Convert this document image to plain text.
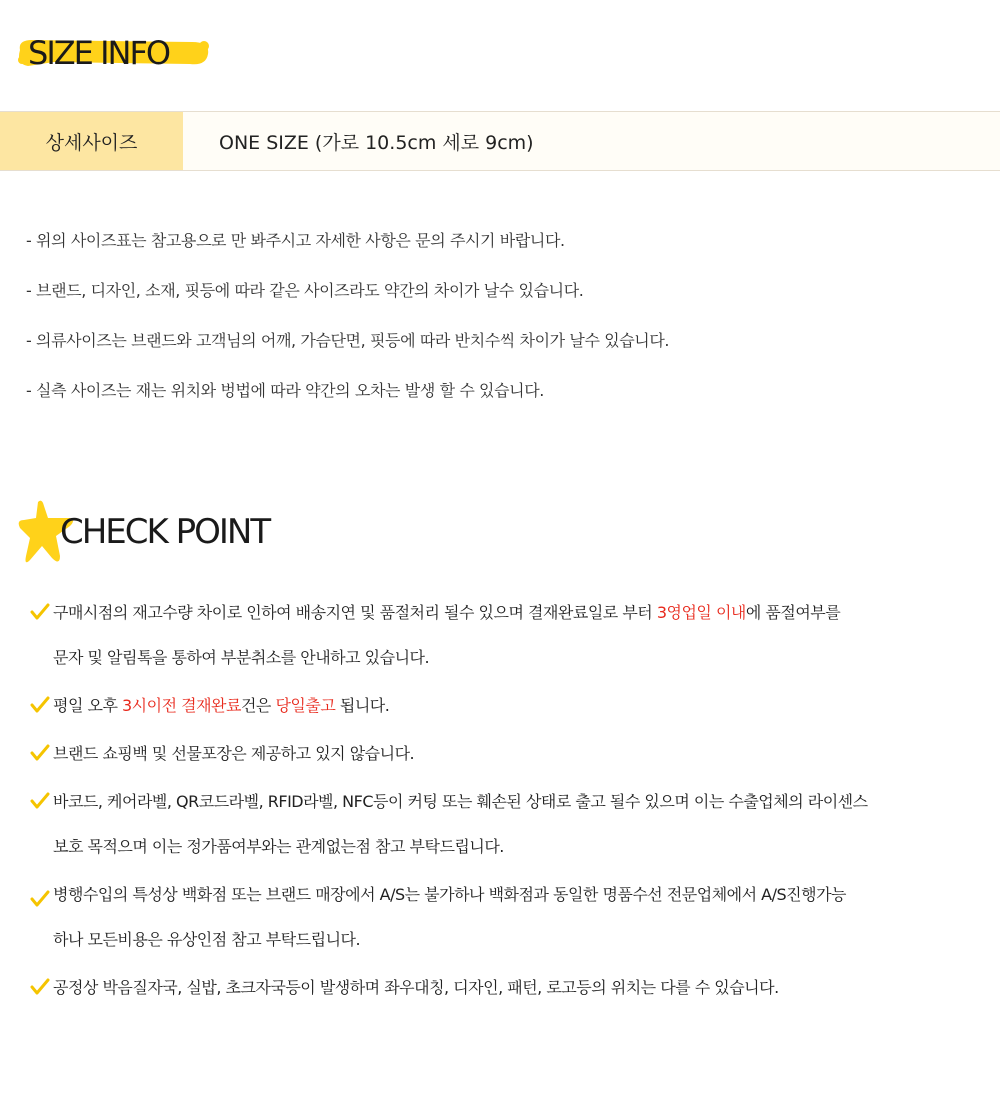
SIZE INFO
상세사이즈	ONE SIZE (가로 10.5cm 세로 9cm)
- 위의 사이즈표는 참고용으로 만 봐주시고 자세한 사항은 문의 주시기 바랍니다.
- 브랜드, 디자인, 소재, 핏등에 따라 같은 사이즈라도 약간의 차이가 날수 있습니다.
- 의류사이즈는 브랜드와 고객님의 어깨, 가슴단면, 핏등에 따라 반치수씩 차이가 날수 있습니다.
- 실측 사이즈는 재는 위치와 벙법에 따라 약간의 오차는 발생 할 수 있습니다.
CHECK POINT
구매시점의 재고수량 차이로 인하여 배송지연 및 품절처리 될수 있으며 결재완료일로 부터 3영업일 이내에 품절여부를
문자 및 알림톡을 통하여 부분취소를 안내하고 있습니다.
평일 오후 3시이전 결재완료건은 당일출고 됩니다.
브랜드 쇼핑백 및 선물포장은 제공하고 있지 않습니다.
바코드, 케어라벨, QR코드라벨, RFID라벨, NFC등이 커팅 또는 훼손된 상태로 출고 될수 있으며 이는 수출업체의 라이센스
보호 목적으며 이는 정가품여부와는 관계없는점 참고 부탁드립니다.
병행수입의 특성상 백화점 또는 브랜드 매장에서 A/S는 불가하나 백화점과 동일한 명품수선 전문업체에서 A/S진행가능
하나 모든비용은 유상인점 참고 부탁드립니다.
공정상 박음질자국, 실밥, 초크자국등이 발생하며 좌우대칭, 디자인, 패턴, 로고등의 위치는 다를 수 있습니다.
